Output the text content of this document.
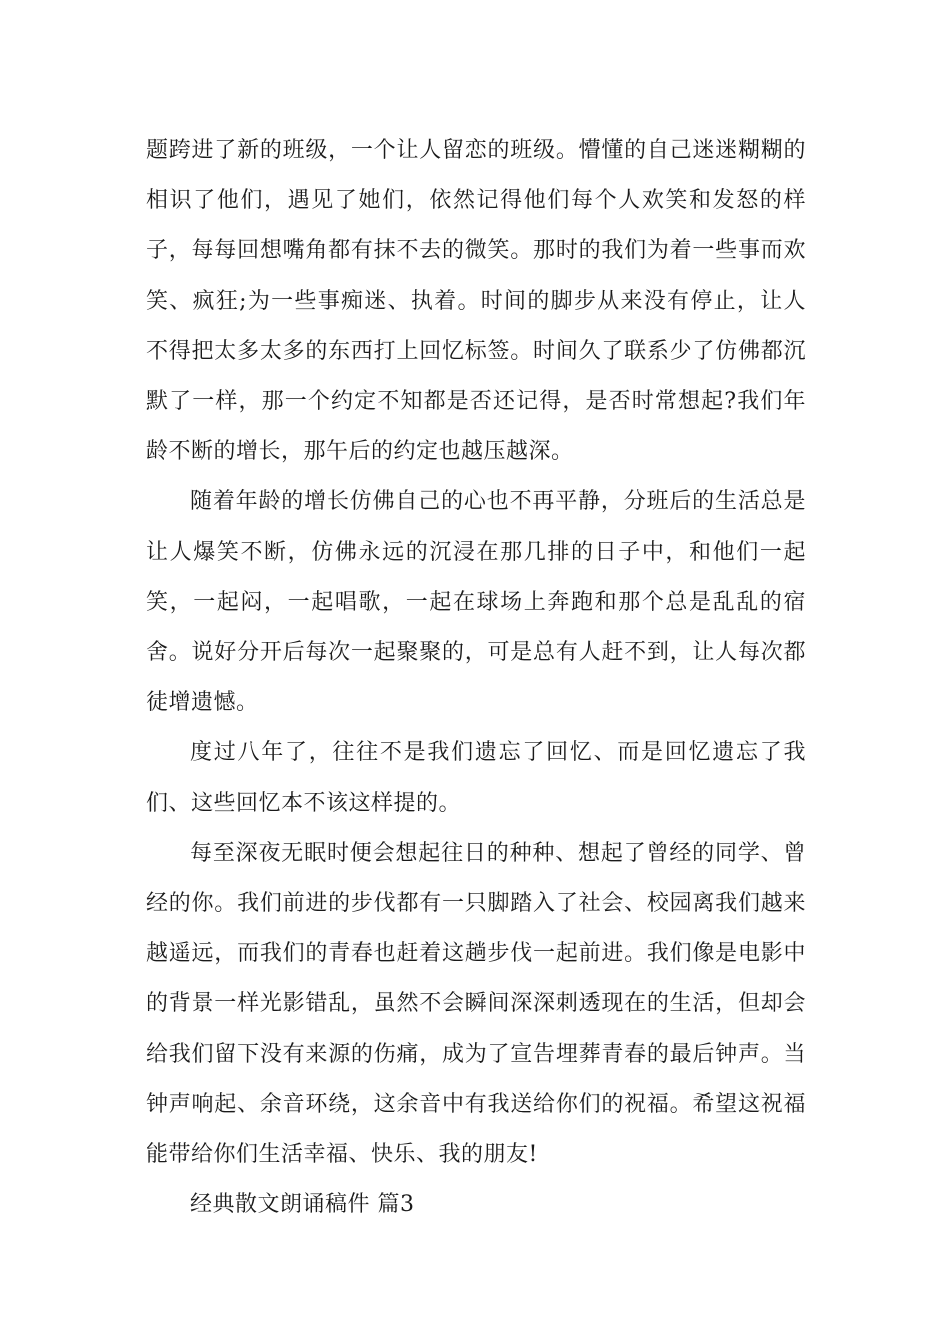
题跨进了新的班级，一个让人留恋的班级。懵懂的自己迷迷糊糊的相识了他们，遇见了她们，依然记得他们每个人欢笑和发怒的样子，每每回想嘴角都有抹不去的微笑。那时的我们为着一些事而欢笑、疯狂;为一些事痴迷、执着。时间的脚步从来没有停止，让人不得把太多太多的东西打上回忆标签。时间久了联系少了仿佛都沉默了一样，那一个约定不知都是否还记得，是否时常想起?我们年龄不断的增长，那午后的约定也越压越深。

随着年龄的增长仿佛自己的心也不再平静，分班后的生活总是让人爆笑不断，仿佛永远的沉浸在那几排的日子中，和他们一起笑，一起闷，一起唱歌，一起在球场上奔跑和那个总是乱乱的宿舍。说好分开后每次一起聚聚的，可是总有人赶不到，让人每次都徒增遗憾。

度过八年了，往往不是我们遗忘了回忆、而是回忆遗忘了我们、这些回忆本不该这样提的。

每至深夜无眠时便会想起往日的种种、想起了曾经的同学、曾经的你。我们前进的步伐都有一只脚踏入了社会、校园离我们越来越遥远，而我们的青春也赶着这趟步伐一起前进。我们像是电影中的背景一样光影错乱，虽然不会瞬间深深刺透现在的生活，但却会给我们留下没有来源的伤痛，成为了宣告埋葬青春的最后钟声。当钟声响起、余音环绕，这余音中有我送给你们的祝福。希望这祝福能带给你们生活幸福、快乐、我的朋友!

经典散文朗诵稿件 篇3
